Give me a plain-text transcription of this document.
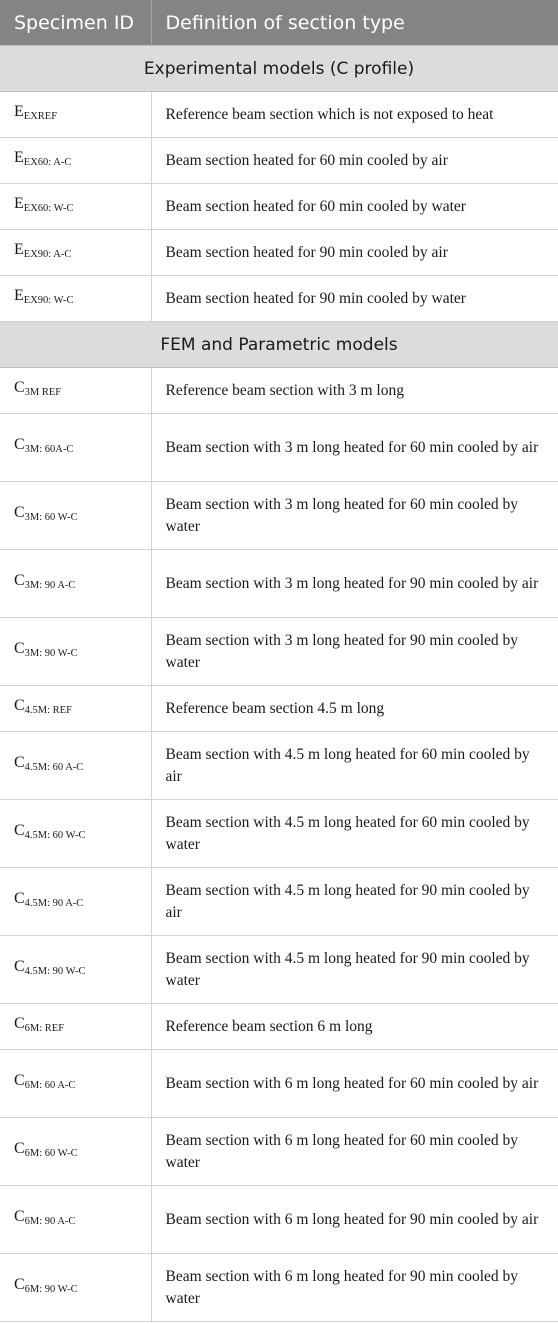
Specimen ID	Definition of section type
Experimental models (C profile)	
EEXREF	Reference beam section which is not exposed to heat
EEX60: A-C	Beam section heated for 60 min cooled by air
EEX60: W-C	Beam section heated for 60 min cooled by water
EEX90: A-C	Beam section heated for 90 min cooled by air
EEX90: W-C	Beam section heated for 90 min cooled by water
FEM and Parametric models	
C3M REF	Reference beam section with 3 m long
C3M: 60A-C	Beam section with 3 m long heated for 60 min cooled by air
C3M: 60 W-C	Beam section with 3 m long heated for 60 min cooled by water
C3M: 90 A-C	Beam section with 3 m long heated for 90 min cooled by air
C3M: 90 W-C	Beam section with 3 m long heated for 90 min cooled by water
C4.5M: REF	Reference beam section 4.5 m long
C4.5M: 60 A-C	Beam section with 4.5 m long heated for 60 min cooled by air
C4.5M: 60 W-C	Beam section with 4.5 m long heated for 60 min cooled by water
C4.5M: 90 A-C	Beam section with 4.5 m long heated for 90 min cooled by air
C4.5M: 90 W-C	Beam section with 4.5 m long heated for 90 min cooled by water
C6M: REF	Reference beam section 6 m long
C6M: 60 A-C	Beam section with 6 m long heated for 60 min cooled by air
C6M: 60 W-C	Beam section with 6 m long heated for 60 min cooled by water
C6M: 90 A-C	Beam section with 6 m long heated for 90 min cooled by air
C6M: 90 W-C	Beam section with 6 m long heated for 90 min cooled by water
